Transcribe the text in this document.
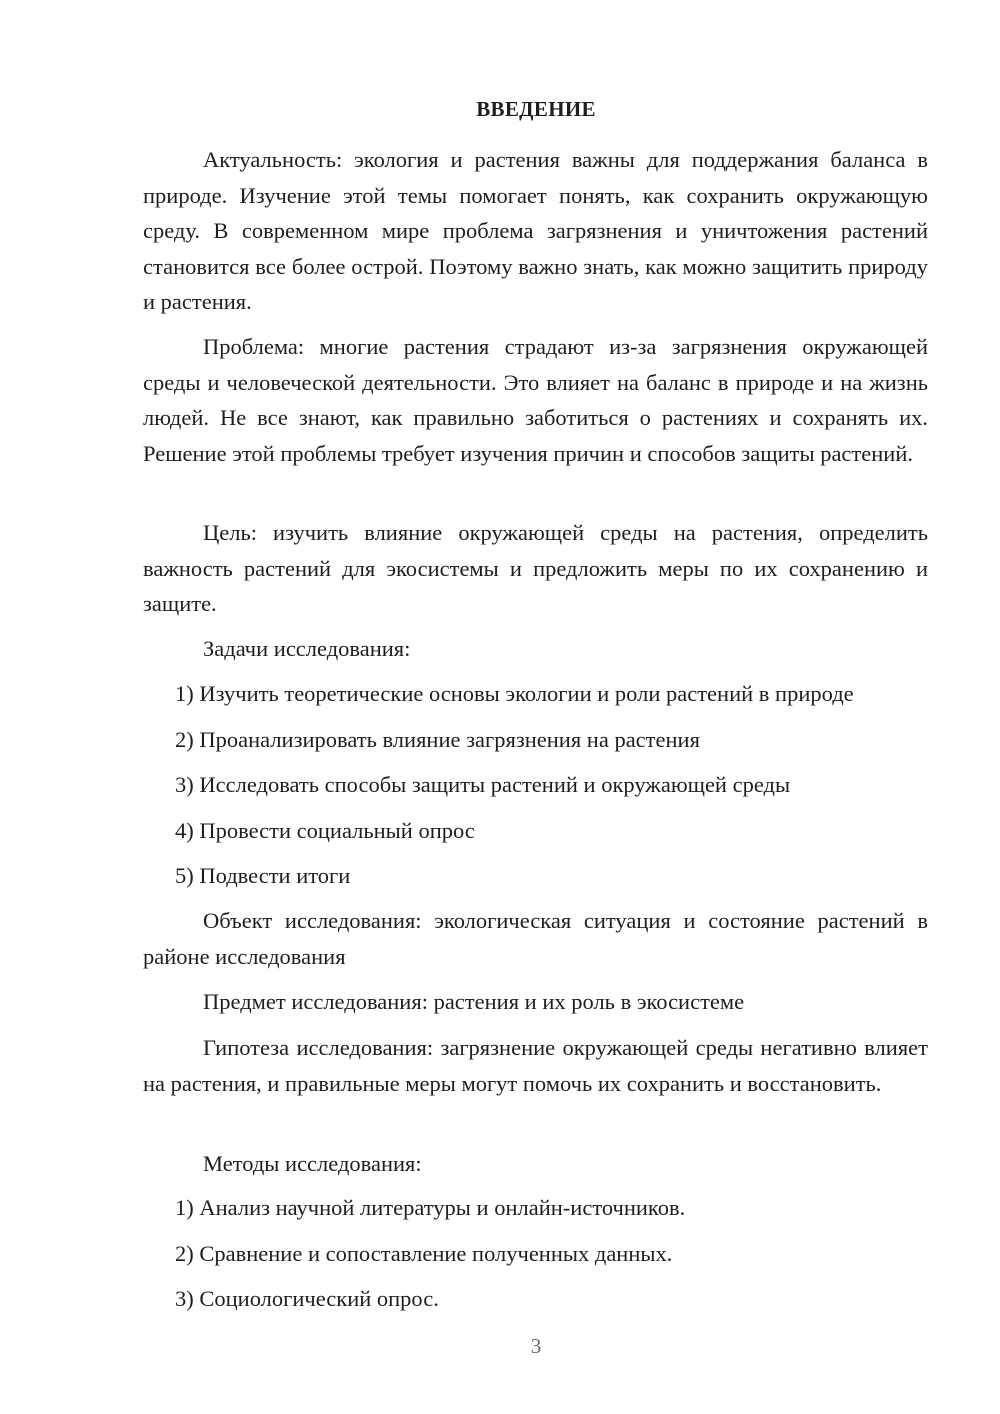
ВВЕДЕНИЕ

Актуальность: экология и растения важны для поддержания баланса в природе. Изучение этой темы помогает понять, как сохранить окружающую среду. В современном мире проблема загрязнения и уничтожения растений становится все более острой. Поэтому важно знать, как можно защитить природу и растения.

Проблема: многие растения страдают из-за загрязнения окружающей среды и человеческой деятельности. Это влияет на баланс в природе и на жизнь людей. Не все знают, как правильно заботиться о растениях и сохранять их. Решение этой проблемы требует изучения причин и способов защиты растений.

Цель: изучить влияние окружающей среды на растения, определить важность растений для экосистемы и предложить меры по их сохранению и защите.

Задачи исследования:

1) Изучить теоретические основы экологии и роли растений в природе

2) Проанализировать влияние загрязнения на растения

3) Исследовать способы защиты растений и окружающей среды

4) Провести социальный опрос

5) Подвести итоги

Объект исследования: экологическая ситуация и состояние растений в районе исследования

Предмет исследования: растения и их роль в экосистеме

Гипотеза исследования: загрязнение окружающей среды негативно влияет на растения, и правильные меры могут помочь их сохранить и восстановить.

Методы исследования:

1) Анализ научной литературы и онлайн-источников.

2) Сравнение и сопоставление полученных данных.

3) Социологический опрос.

3
